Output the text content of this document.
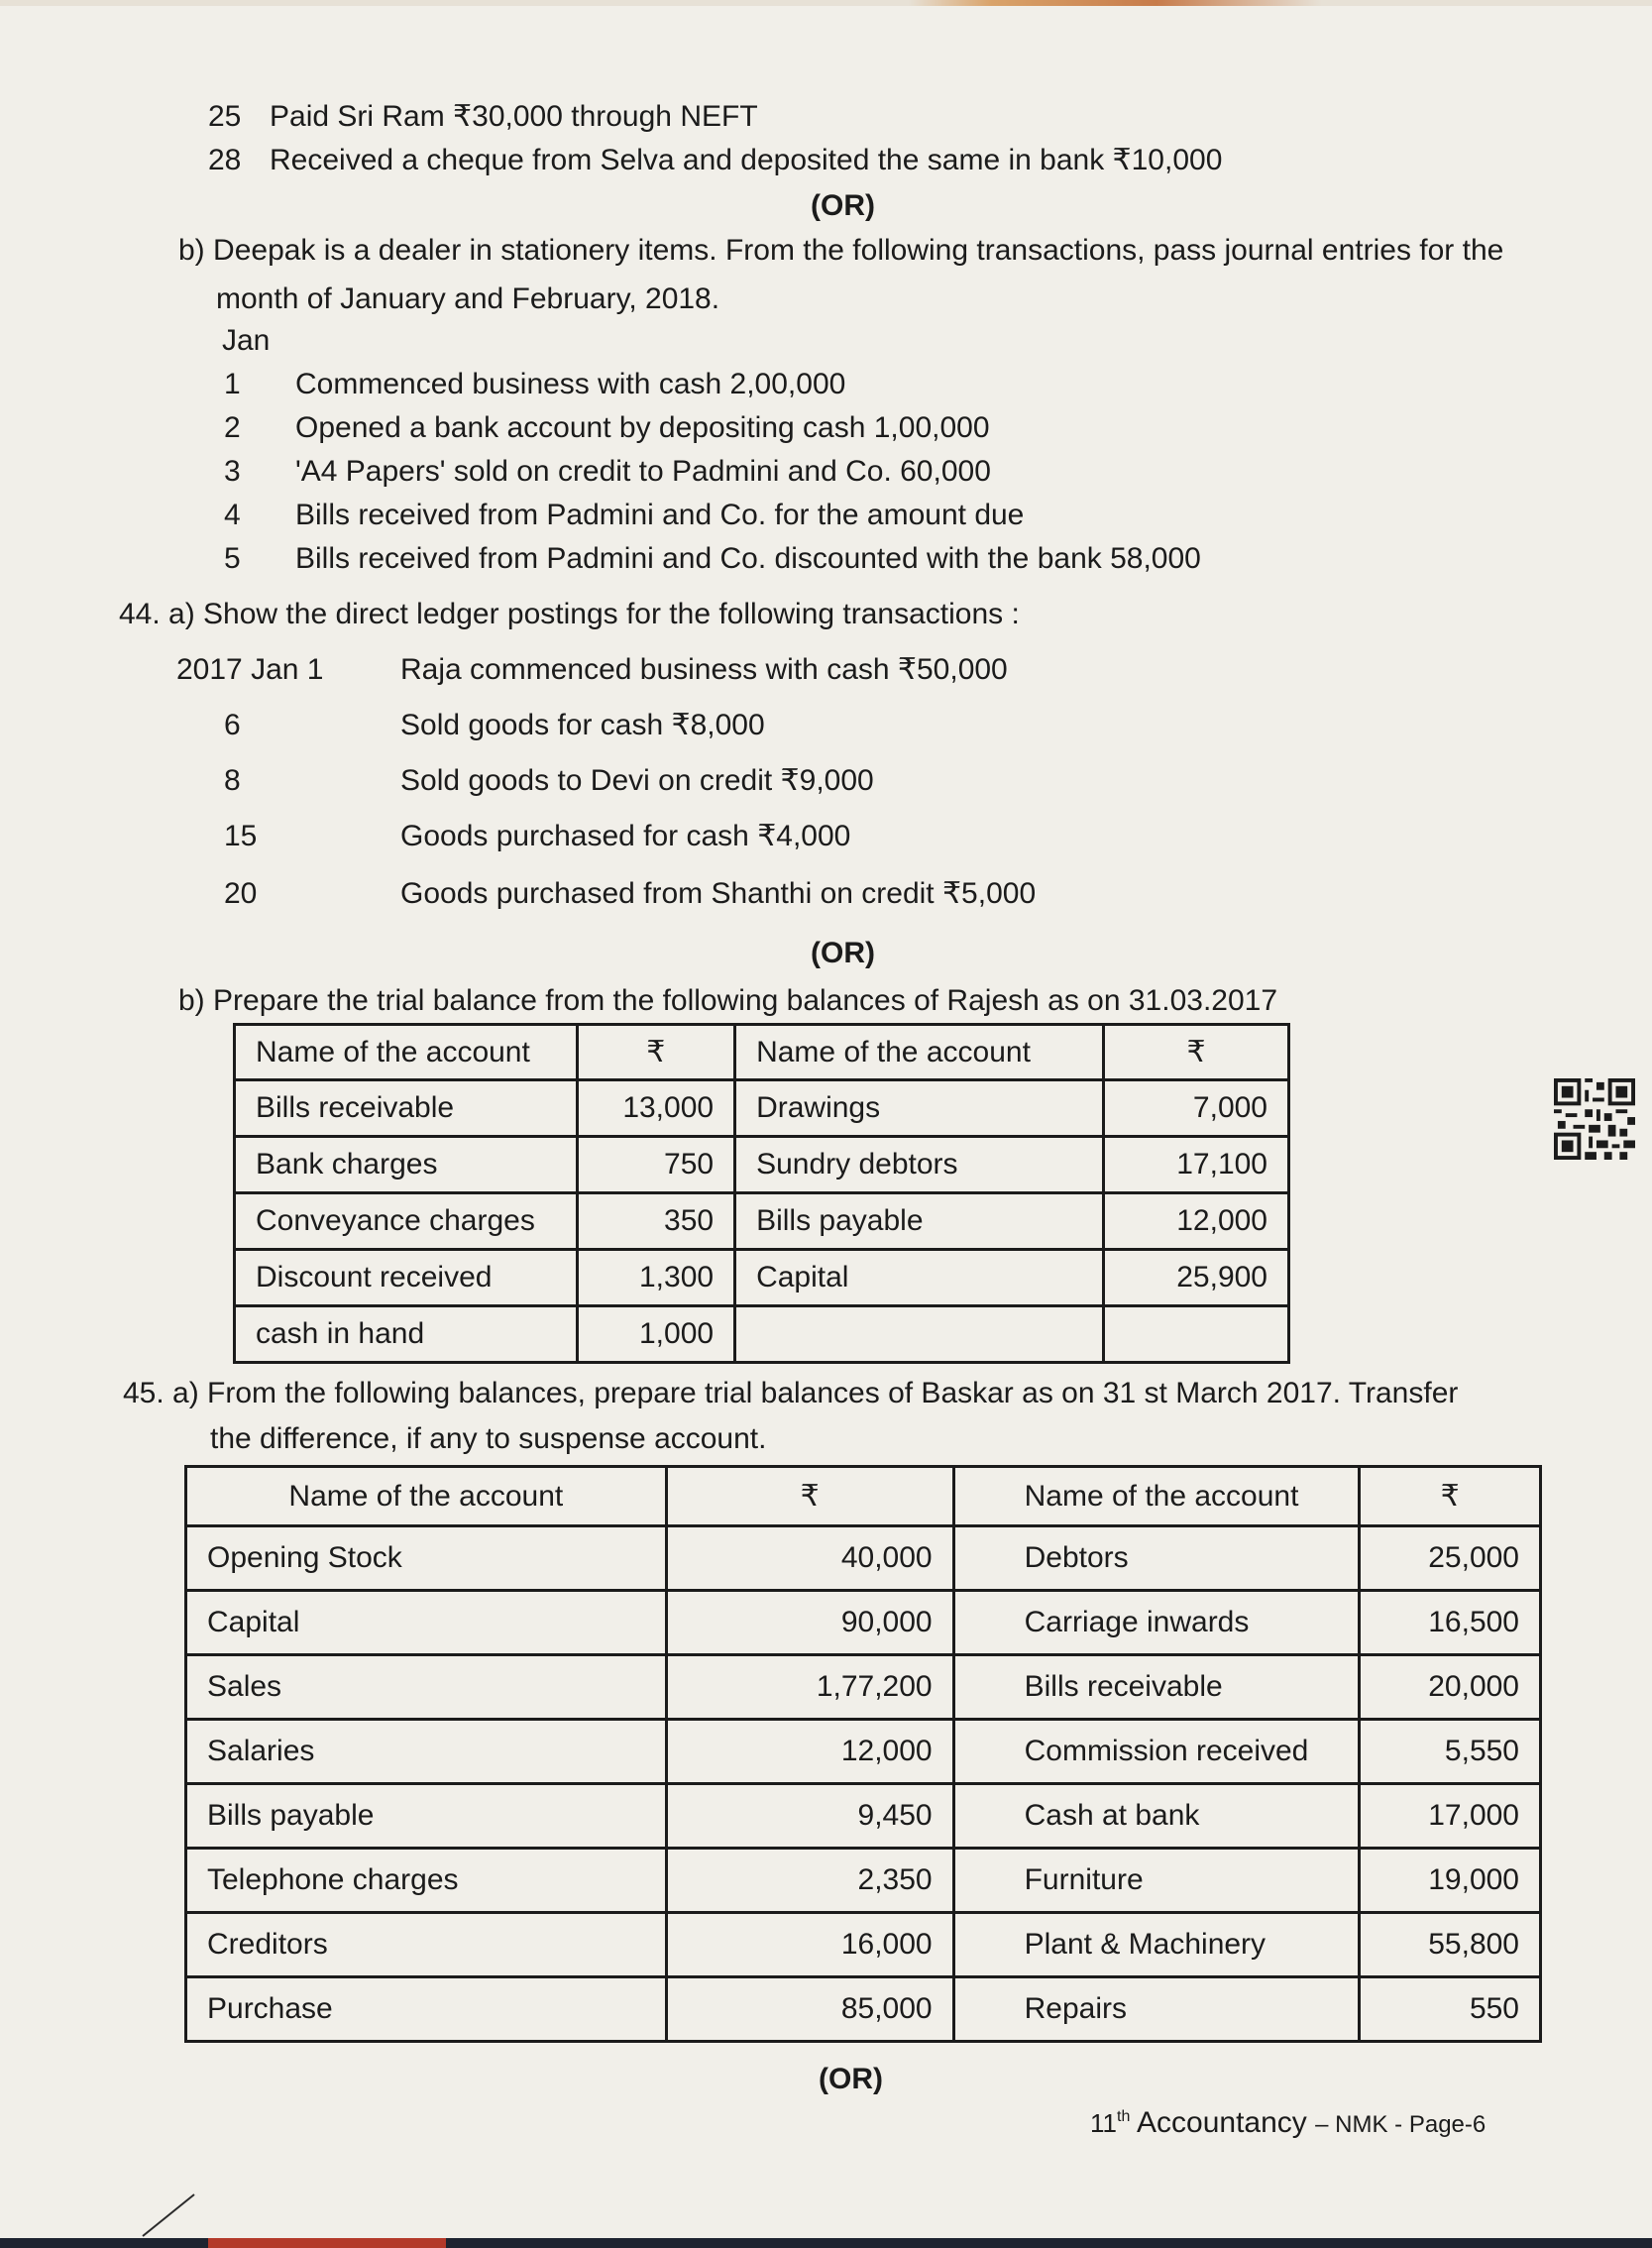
25 Paid Sri Ram ₹30,000 through NEFT
28 Received a cheque from Selva and deposited the same in bank ₹10,000
(OR)
b) Deepak is a dealer in stationery items. From the following transactions, pass journal entries for the
month of January and February, 2018.
Jan
1 Commenced business with cash 2,00,000
2 Opened a bank account by depositing cash 1,00,000
3 'A4 Papers' sold on credit to Padmini and Co. 60,000
4 Bills received from Padmini and Co. for the amount due
5 Bills received from Padmini and Co. discounted with the bank 58,000
44. a) Show the direct ledger postings for the following transactions :
2017 Jan 1	Raja commenced business with cash ₹50,000
6	Sold goods for cash ₹8,000
8	Sold goods to Devi on credit ₹9,000
15	Goods purchased for cash ₹4,000
20	Goods purchased from Shanthi on credit ₹5,000
(OR)
b) Prepare the trial balance from the following balances of Rajesh as on 31.03.2017
Name of the account	₹	Name of the account	₹
Bills receivable	13,000	Drawings	7,000
Bank charges	750	Sundry debtors	17,100
Conveyance charges	350	Bills payable	12,000
Discount received	1,300	Capital	25,900
cash in hand	1,000		
45. a) From the following balances, prepare trial balances of Baskar as on 31 st March 2017. Transfer
the difference, if any to suspense account.
Name of the account	₹	Name of the account	₹
Opening Stock	40,000	Debtors	25,000
Capital	90,000	Carriage inwards	16,500
Sales	1,77,200	Bills receivable	20,000
Salaries	12,000	Commission received	5,550
Bills payable	9,450	Cash at bank	17,000
Telephone charges	2,350	Furniture	19,000
Creditors	16,000	Plant & Machinery	55,800
Purchase	85,000	Repairs	550
(OR)
11th Accountancy – NMK - Page-6
